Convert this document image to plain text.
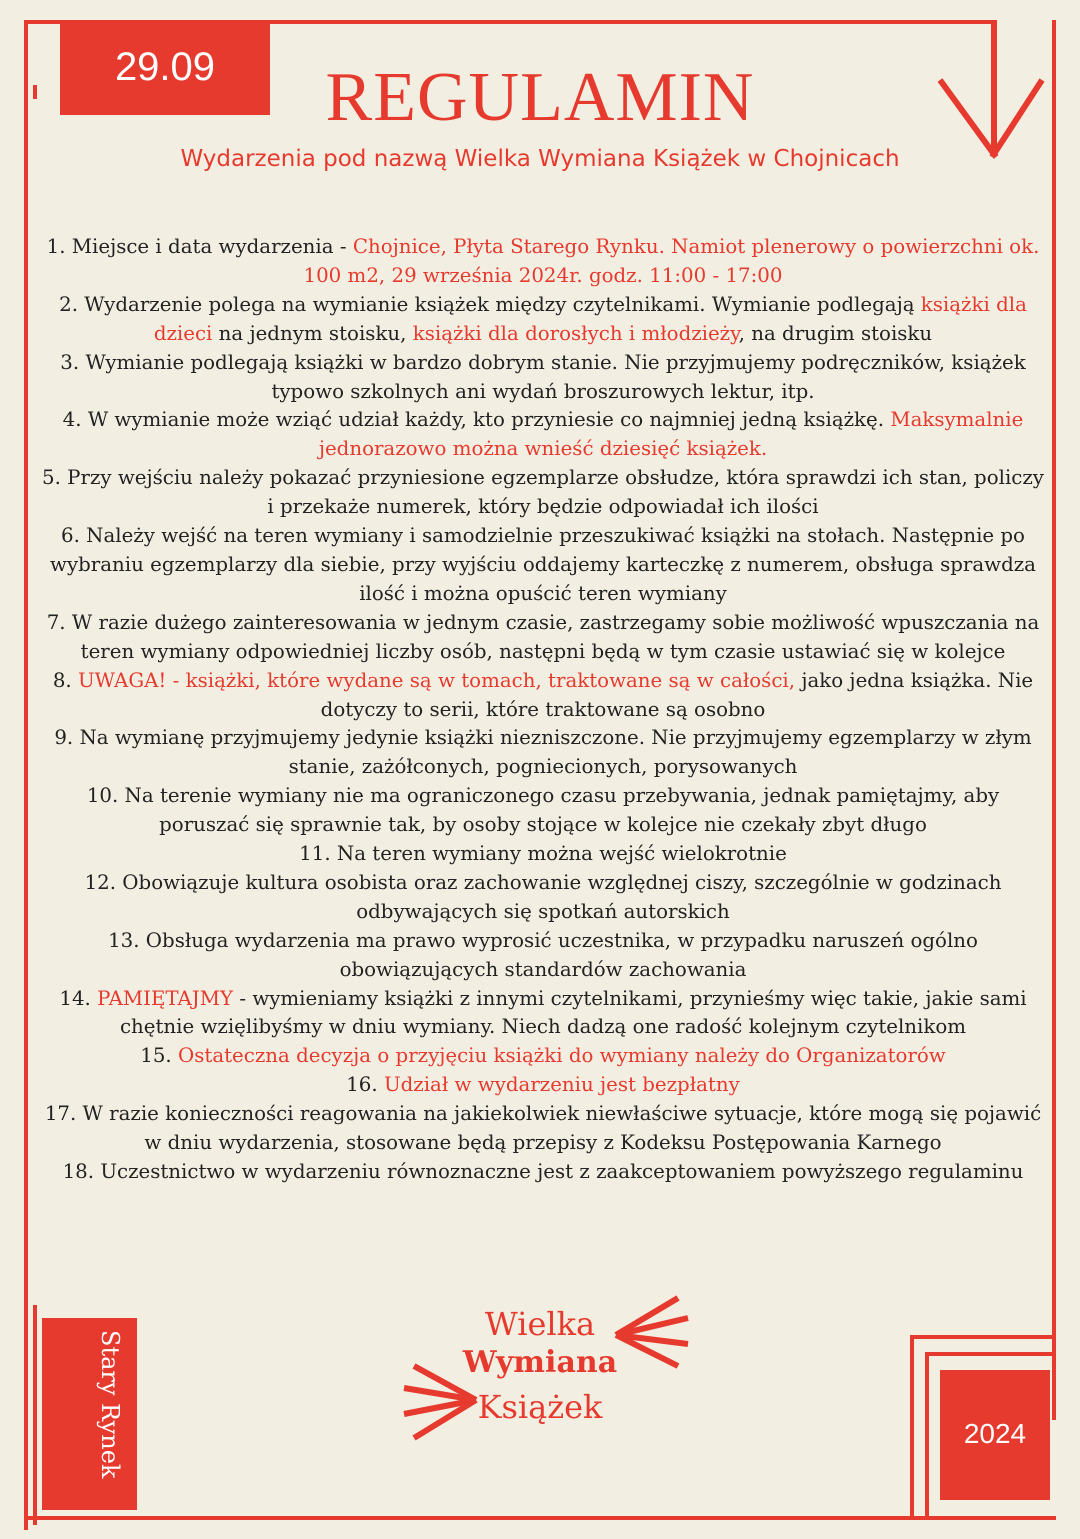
29.09	REGULAMIN
Wydarzenia pod nazwą Wielka Wymiana Książek w Chojnicach

1. Miejsce i data wydarzenia - Chojnice, Płyta Starego Rynku. Namiot plenerowy o powierzchni ok. 100 m2, 29 września 2024r. godz. 11:00 - 17:00

2. Wydarzenie polega na wymianie książek między czytelnikami. Wymianie podlegają książki dla dzieci na jednym stoisku, książki dla dorosłych i młodzieży, na drugim stoisku

3. Wymianie podlegają książki w bardzo dobrym stanie. Nie przyjmujemy podręczników, książek typowo szkolnych ani wydań broszurowych lektur, itp.

4. W wymianie może wziąć udział każdy, kto przyniesie co najmniej jedną książkę. Maksymalnie jednorazowo można wnieść dziesięć książek.

5. Przy wejściu należy pokazać przyniesione egzemplarze obsłudze, która sprawdzi ich stan, policzy i przekaże numerek, który będzie odpowiadał ich ilości

6. Należy wejść na teren wymiany i samodzielnie przeszukiwać książki na stołach. Następnie po wybraniu egzemplarzy dla siebie, przy wyjściu oddajemy karteczkę z numerem, obsługa sprawdza ilość i można opuścić teren wymiany

7. W razie dużego zainteresowania w jednym czasie, zastrzegamy sobie możliwość wpuszczania na teren wymiany odpowiedniej liczby osób, następni będą w tym czasie ustawiać się w kolejce

8. UWAGA! - książki, które wydane są w tomach, traktowane są w całości, jako jedna książka. Nie dotyczy to serii, które traktowane są osobno

9. Na wymianę przyjmujemy jedynie książki niezniszczone. Nie przyjmujemy egzemplarzy w złym stanie, zażółconych, pogniecionych, porysowanych

10. Na terenie wymiany nie ma ograniczonego czasu przebywania, jednak pamiętajmy, aby poruszać się sprawnie tak, by osoby stojące w kolejce nie czekały zbyt długo

11. Na teren wymiany można wejść wielokrotnie

12. Obowiązuje kultura osobista oraz zachowanie względnej ciszy, szczególnie w godzinach odbywających się spotkań autorskich

13. Obsługa wydarzenia ma prawo wyprosić uczestnika, w przypadku naruszeń ogólno obowiązujących standardów zachowania

14. PAMIĘTAJMY - wymieniamy książki z innymi czytelnikami, przynieśmy więc takie, jakie sami chętnie wzięlibyśmy w dniu wymiany. Niech dadzą one radość kolejnym czytelnikom

15. Ostateczna decyzja o przyjęciu książki do wymiany należy do Organizatorów

16. Udział w wydarzeniu jest bezpłatny

17. W razie konieczności reagowania na jakiekolwiek niewłaściwe sytuacje, które mogą się pojawić w dniu wydarzenia, stosowane będą przepisy z Kodeksu Postępowania Karnego

18. Uczestnictwo w wydarzeniu równoznaczne jest z zaakceptowaniem powyższego regulaminu

Stary Rynek
Wielka
Wymiana
Książek
2024
